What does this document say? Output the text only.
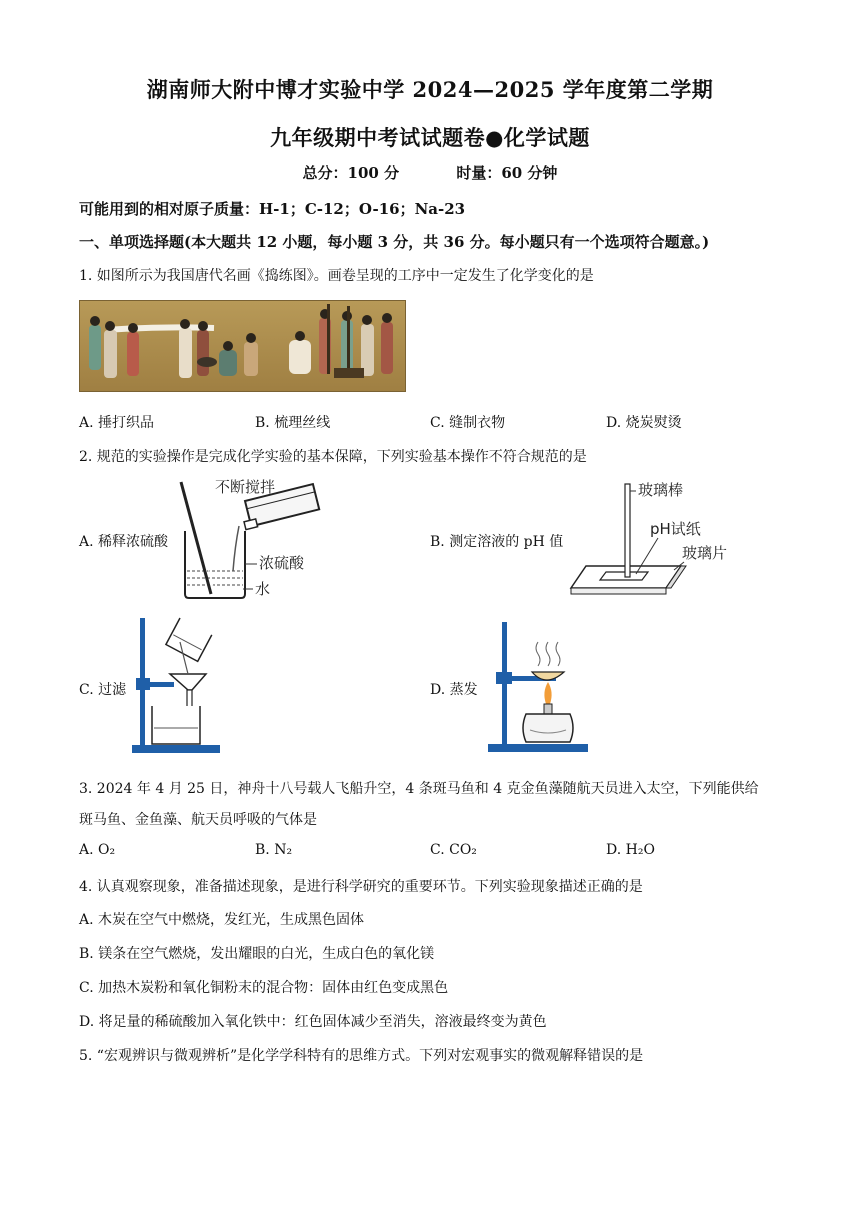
湖南师大附中博才实验中学 2024—2025 学年度第二学期
九年级期中考试试题卷●化学试题
总分：100 分	时量：60 分钟
可能用到的相对原子质量：H-1；C-12；O-16；Na-23
一、单项选择题(本大题共 12 小题，每小题 3 分，共 36 分。每小题只有一个选项符合题意。)
1. 如图所示为我国唐代名画《捣练图》。画卷呈现的工序中一定发生了化学变化的是
A. 捶打织品	B. 梳理丝线	C. 缝制衣物	D. 烧炭熨烫
2. 规范的实验操作是完成化学实验的基本保障，下列实验基本操作不符合规范的是
A. 稀释浓硫酸
不断搅拌
浓硫酸
水
B. 测定溶液的 pH 值
玻璃棒
pH试纸
玻璃片
C. 过滤	D. 蒸发
3. 2024 年 4 月 25 日，神舟十八号载人飞船升空，4 条斑马鱼和 4 克金鱼藻随航天员进入太空，下列能供给
斑马鱼、金鱼藻、航天员呼吸的气体是
A. O₂	B. N₂	C. CO₂	D. H₂O
4. 认真观察现象，准备描述现象，是进行科学研究的重要环节。下列实验现象描述正确的是
A. 木炭在空气中燃烧，发红光，生成黑色固体
B. 镁条在空气燃烧，发出耀眼的白光，生成白色的氧化镁
C. 加热木炭粉和氧化铜粉末的混合物：固体由红色变成黑色
D. 将足量的稀硫酸加入氧化铁中：红色固体减少至消失，溶液最终变为黄色
5. “宏观辨识与微观辨析”是化学学科特有的思维方式。下列对宏观事实的微观解释错误的是
